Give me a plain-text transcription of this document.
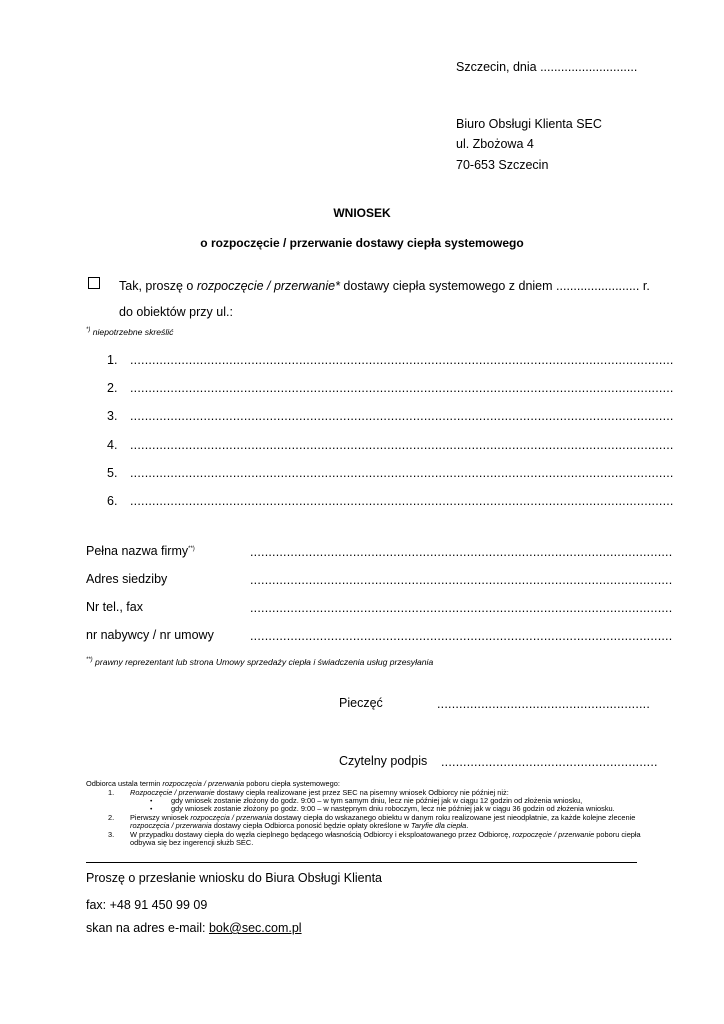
Szczecin, dnia ............................
Biuro Obsługi Klienta SEC
ul. Zbożowa 4
70-653 Szczecin
WNIOSEK
o rozpoczęcie / przerwanie dostawy ciepła systemowego
Tak, proszę o rozpoczęcie / przerwanie* dostawy ciepła systemowego z dniem ........................ r.
do obiektów przy ul.:
*) niepotrzebne skreślić
1. ....................................................................................................................................................
2. ....................................................................................................................................................
3. ....................................................................................................................................................
4. ....................................................................................................................................................
5. ....................................................................................................................................................
6. ....................................................................................................................................................
Pełna nazwa firmy**)	...................................................................................................................
Adres siedziby	...................................................................................................................
Nr tel., fax	...................................................................................................................
nr nabywcy / nr umowy	...................................................................................................................
**) prawny reprezentant lub strona Umowy sprzedaży ciepła i świadczenia usług przesyłania
Pieczęć	..........................................................
Czytelny podpis ...........................................................
Odbiorca ustala termin rozpoczęcia / przerwania poboru ciepła systemowego:
1. Rozpoczęcie / przerwanie dostawy ciepła realizowane jest przez SEC na pisemny wniosek Odbiorcy nie później niż:
•	gdy wniosek zostanie złożony do godz. 9:00 – w tym samym dniu, lecz nie później jak w ciągu 12 godzin od złożenia wniosku,
•	gdy wniosek zostanie złożony po godz. 9:00 – w następnym dniu roboczym, lecz nie później jak w ciągu 36 godzin od złożenia wniosku.
2. Pierwszy wniosek rozpoczęcia / przerwania dostawy ciepła do wskazanego obiektu w danym roku realizowane jest nieodpłatnie, za każde kolejne zlecenie
rozpoczęcia / przerwania dostawy ciepła Odbiorca ponosić będzie opłaty określone w Taryfie dla ciepła.
3. W przypadku dostawy ciepła do węzła cieplnego będącego własnością Odbiorcy i eksploatowanego przez Odbiorcę, rozpoczęcie / przerwanie poboru ciepła
odbywa się bez ingerencji służb SEC.
Proszę o przesłanie wniosku do Biura Obsługi Klienta
fax: +48 91 450 99 09
skan na adres e-mail: bok@sec.com.pl
